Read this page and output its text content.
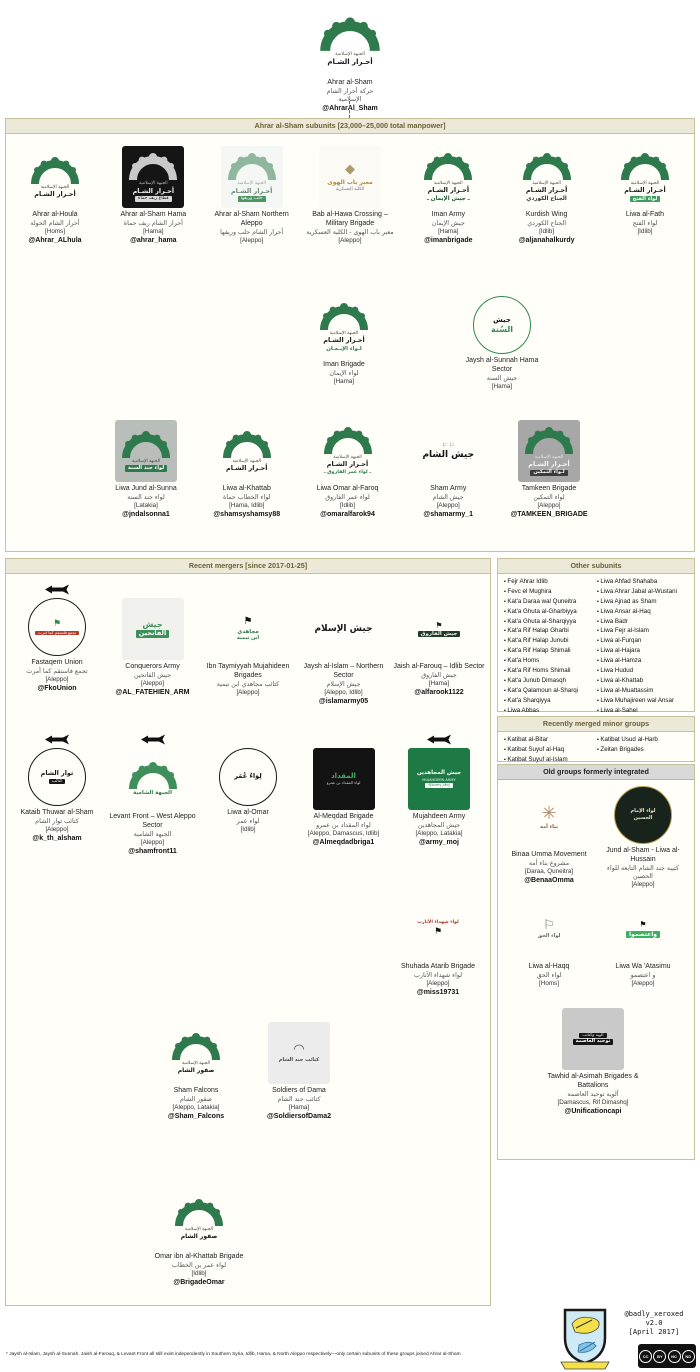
الجبهة الإسلامية
أحـرار الشـام
Ahrar al-Sham
حركة أحرار الشام
الإسلامية
@AhrarAl_Sham
Ahrar al-Sham subunits [23,000–25,000 total manpower]
الجبهة الإسلامية
أحـرار الشـام
Ahrar al-Houla
أحرار الشام الحولة
[Homs]
@Ahrar_ALhula
الجبهة الإسلامية
أحـرار الشـام
قطاع ريف حماة
Ahrar al-Sham Hama
أحرار الشام ريف حماة
[Hama]
@ahrar_hama
الجبهة الإسلامية
أحـرار الشـام
حلب وريفها
Ahrar al-Sham Northern Aleppo
أحرار الشام حلب وريفها
[Aleppo]
◆
معبر باب الهوى
الكلية العسكرية
Bab al-Hawa Crossing – Military Brigade
معبر باب الهوى - الكلية العسكرية
[Aleppo]
الجبهة الإسلامية
أحـرار الشـام
ـ جيش الإيمان ـ
Iman Army
جيش الإيمان
[Hama]
@imanbrigade
الجبهة الإسلامية
أحـرار الشـام
الجناح الكوردي
Kurdish Wing
الجناح الكوردي
[Idlib]
@aljanahalkurdy
الجبهة الإسلامية
أحـرار الشـام
لواء الفتح
Liwa al-Fath
لواء الفتح
[Idlib]
الجبهة الإسلامية
أحـرار الشـام
لـواء الإيـمـان
Iman Brigade
لواء الإيمان
[Hama]
جيش
السُنة
Jaysh al-Sunnah Hama Sector
جيش السنة
[Hama]
الجبهة الإسلامية
لواء جند السنة
Liwa Jund al-Sunna
لواء جند السنة
[Latakia]
@jndalsonna1
الجبهة الإسلامية
أحـرار الشـام
Liwa al-Khattab
لواء الخطاب حماة
[Hama, Idlib]
@shamsyshamsy88
الجبهة الإسلامية
أحـرار الشـام
ـ لواء عمر الفاروق ـ
Liwa Omar al-Faroq
لواء عمر الفاروق
[Idlib]
@omaralfarok94
⚐ ⚐
جيش الشام
Sham Army
جيش الشام
[Aleppo]
@shamarmy_1
الجبهة الإسلامية
أحـرار الشـام
لـواء التمكين
Tamkeen Brigade
لواء التمكين
[Aleppo]
@TAMKEEN_BRIGADE
Recent mergers [since 2017-01-25]
⚑
تجمع فاستقم كما أمرت
Fastaqem Union
تجمع فاستقم كما أمرت
[Aleppo]
@FkoUnion
جيش
الفاتحين
Conquerors Army
جيش الفاتحين
[Aleppo]
@AL_FATEHIEN_ARM
⚑
مجاهدي
ابن تيمية
Ibn Taymiyyah Mujahideen Brigades
كتائب مجاهدي ابن تيمية
[Aleppo]
جيش الإسلام
Jaysh al-Islam – Northern Sector
جيش الإسلام
[Aleppo, Idlib]
@islamarmy05
⚑
جيش الفاروق
Jaish al-Farouq – Idlib Sector
جيش الفاروق
[Hama]
@alfarook1122
ثوار الشام
كتائب
Kataib Thuwar al-Sham
كتائب ثوار الشام
[Aleppo]
@k_th_alsham
الجبهة الشامية
Levant Front – West Aleppo Sector
الجبهة الشامية
[Aleppo]
@shamfront11
لِوَاءُ عُمَر
Liwa al-Omar
لواء عمر
[Idlib]
المقداد
لواء المقداد بن عمرو
Al-Meqdad Brigade
لواء المقداد بن عمرو
[Aleppo, Damascus, Idlib]
@Almeqdadbriga1
جيش المجاهدين
MUJAHDEEN ARMY
@Army_Moj
Mujahdeen Army
جيش المجاهدين
[Aleppo, Latakia]
@army_moj
لواء شهداء الأتارب
⚑
Shuhada Atarib Brigade
لواء شهداء الأتارب
[Aleppo]
@miss19731
الجبهة الإسلامية
صقور الشام
Sham Falcons
صقور الشام
[Aleppo, Latakia]
@Sham_Falcons
◠
كتائب جند الشام
Soldiers of Dama
كتائب جند الشام
[Hama]
@SoldiersofDama2
الجبهة الإسلامية
صقور الشام
Omar ibn al-Khattab Brigade
لواء عمر بن الخطاب
[Idlib]
@BrigadeOmar
Other subunits
▪ Fejr Ahrar Idlib
▪ Fevc el Mughira
▪ Kat'a Daraa wal Quneitra
▪ Kat'a Ghuta al-Gharbiyya
▪ Kat'a Ghuta al-Sharqiyya
▪ Kat'a Rif Halap Gharbi
▪ Kat'a Rif Halap Junubi
▪ Kat'a Rif Halap Shimali
▪ Kat'a Homs
▪ Kat'a Rif Homs Shimali
▪ Kat'a Junub Dimasqh
▪ Kat'a Qalamoun al-Sharqi
▪ Kat'a Sharqiyya
▪ Liwa Abbas
▪
▪ Liwa Ahfad Shahaba
▪ Liwa Ahrar Jabal al-Wustani
▪ Liwa Ajnad as Sham
▪ Liwa Ansar al-Haq
▪ Liwa Badr
▪ Liwa Fejr al-Islam
▪ Liwa al-Furqan
▪ Liwa al-Hajara
▪ Liwa al-Hamza
▪ Liwa Hudud
▪ Liwa al-Khattab
▪ Liwa al-Muattassim
▪ Liwa Muhajireen wal Ansar
▪ Liwa al-Sahel
Recently merged minor groups
▪ Katibat al-Bitar
▪ Katibat Suyuf al-Haq
▪ Katibat Suyuf al-Islam
▪ Katibat Usud al-Harb
▪ Zeitan Brigades
Old groups formerly integrated
✳
بناء أمة
Binaa Umma Movement
مشروع بناء أمة
[Daraa, Quneitra]
@BenaaOmma
لواء الإمام
الحسين
Jund al-Sham - Liwa al-Hussain
كتيبة جند الشام التابعة للواء الحصين
[Aleppo]
⚐
لواء الحق
Liwa al-Haqq
لواء الحق
[Homs]
⚑
واعتصموا
Liwa Wa 'Atasimu
و اعتصمو
[Aleppo]
ألوية وكتائب
توحيد العاصمة
Tawhid al-Asimah Brigades & Battalions
ألوية توحيد العاصمة
[Damascus, Rif Dimashq]
@Unificationcapi
* Jaysh al-Islam, Jaysh al-Sunnah, Jaish al-Farouq, & Levant Front all still exist independently in Southern Syria, Idlib, Hama, & North Aleppo respectively—only certain subunits of these groups joined Ahrar al-Sham
@badly_xeroxed
v2.0
[April 2017]
CC	BY	NC	ND
